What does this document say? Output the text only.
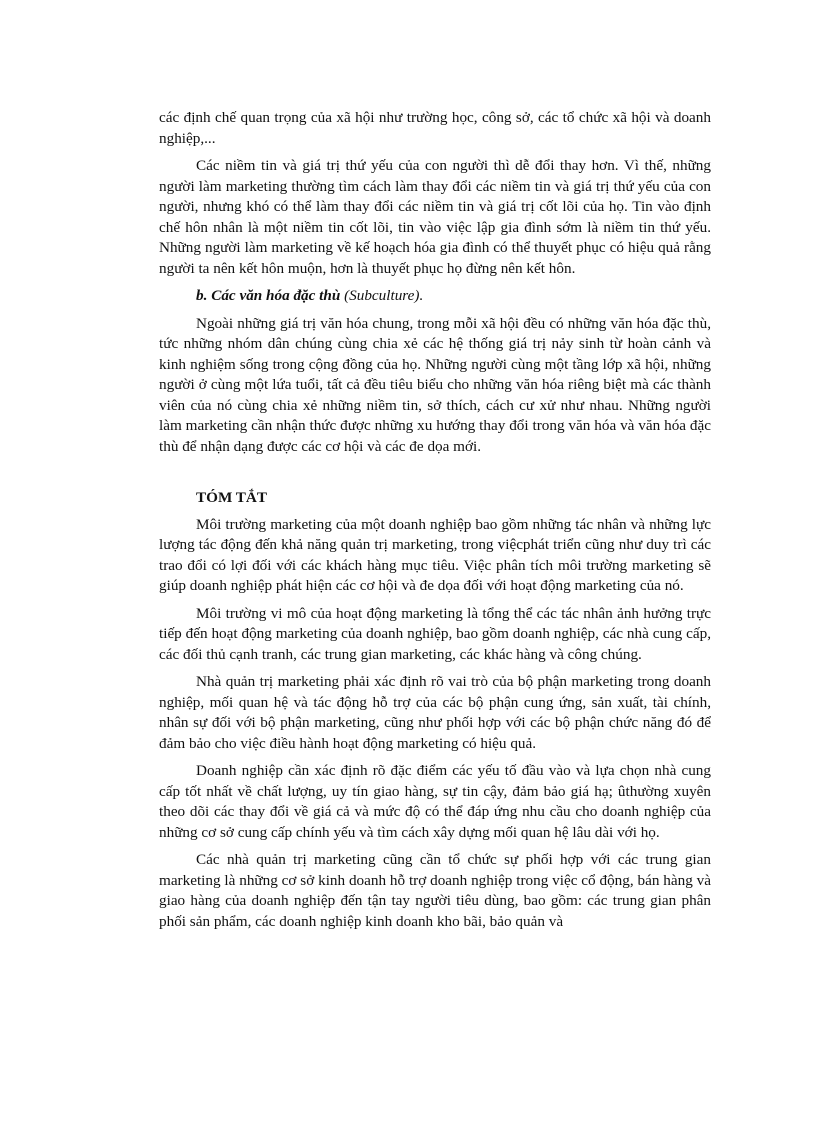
các định chế quan trọng của xã hội như trường học, công sở, các tổ chức xã hội và doanh nghiệp,...

Các niềm tin và giá trị thứ yếu của con người thì dễ đổi thay hơn. Vì thế, những người làm marketing thường tìm cách làm thay đổi các niềm tin và giá trị thứ yếu của con người, nhưng khó có thể làm thay đổi các niềm tin và giá trị cốt lõi của họ. Tin vào định chế hôn nhân là một niềm tin cốt lõi, tin vào việc lập gia đình sớm là niềm tin thứ yếu. Những người làm marketing về kế hoạch hóa gia đình có thể thuyết phục có hiệu quả rằng người ta nên kết hôn muộn, hơn là thuyết phục họ đừng nên kết hôn.

b. Các văn hóa đặc thù (Subculture).

Ngoài những giá trị văn hóa chung, trong mỗi xã hội đều có những văn hóa đặc thù, tức những nhóm dân chúng cùng chia xẻ các hệ thống giá trị nảy sinh từ hoàn cảnh và kinh nghiệm sống trong cộng đồng của họ. Những người cùng một tầng lớp xã hội, những người ở cùng một lứa tuổi, tất cả đều tiêu biểu cho những văn hóa riêng biệt mà các thành viên của nó cùng chia xẻ những niềm tin, sở thích, cách cư xử như nhau. Những người làm marketing cần nhận thức được những xu hướng thay đổi trong văn hóa và văn hóa đặc thù để nhận dạng được các cơ hội và các đe dọa mới.

TÓM TẮT

Môi trường marketing của một doanh nghiệp bao gồm những tác nhân và những lực lượng tác động đến khả năng quản trị marketing, trong việcphát triển cũng như duy trì các trao đổi có lợi đối với các khách hàng mục tiêu. Việc phân tích môi trường marketing sẽ giúp doanh nghiệp phát hiện các cơ hội và đe dọa đối với hoạt động marketing của nó.

Môi trường vi mô của hoạt động marketing là tổng thể các tác nhân ảnh hưởng trực tiếp đến hoạt động marketing của doanh nghiệp, bao gồm doanh nghiệp, các nhà cung cấp, các đối thủ cạnh tranh, các trung gian marketing, các khác hàng và công chúng.

Nhà quản trị marketing phải xác định rõ vai trò của bộ phận marketing trong doanh nghiệp, mối quan hệ và tác động hỗ trợ của các bộ phận cung ứng, sản xuất, tài chính, nhân sự đối với bộ phận marketing, cũng như phối hợp với các bộ phận chức năng đó để đảm bảo cho việc điều hành hoạt động marketing có hiệu quả.

Doanh nghiệp cần xác định rõ đặc điểm các yếu tố đầu vào và lựa chọn nhà cung cấp tốt nhất về chất lượng, uy tín giao hàng, sự tin cậy, đảm bảo giá hạ; ûthường xuyên theo dõi các thay đổi về giá cả và mức độ có thể đáp ứng nhu cầu cho doanh nghiệp của những cơ sở cung cấp chính yếu và tìm cách xây dựng mối quan hệ lâu dài với họ.

Các nhà quản trị marketing cũng cần tổ chức sự phối hợp với các trung gian marketing là những cơ sở kinh doanh hỗ trợ doanh nghiệp trong việc cổ động, bán hàng và giao hàng của doanh nghiệp đến tận tay người tiêu dùng, bao gồm: các trung gian phân phối sản phẩm, các doanh nghiệp kinh doanh kho bãi, bảo quản và
